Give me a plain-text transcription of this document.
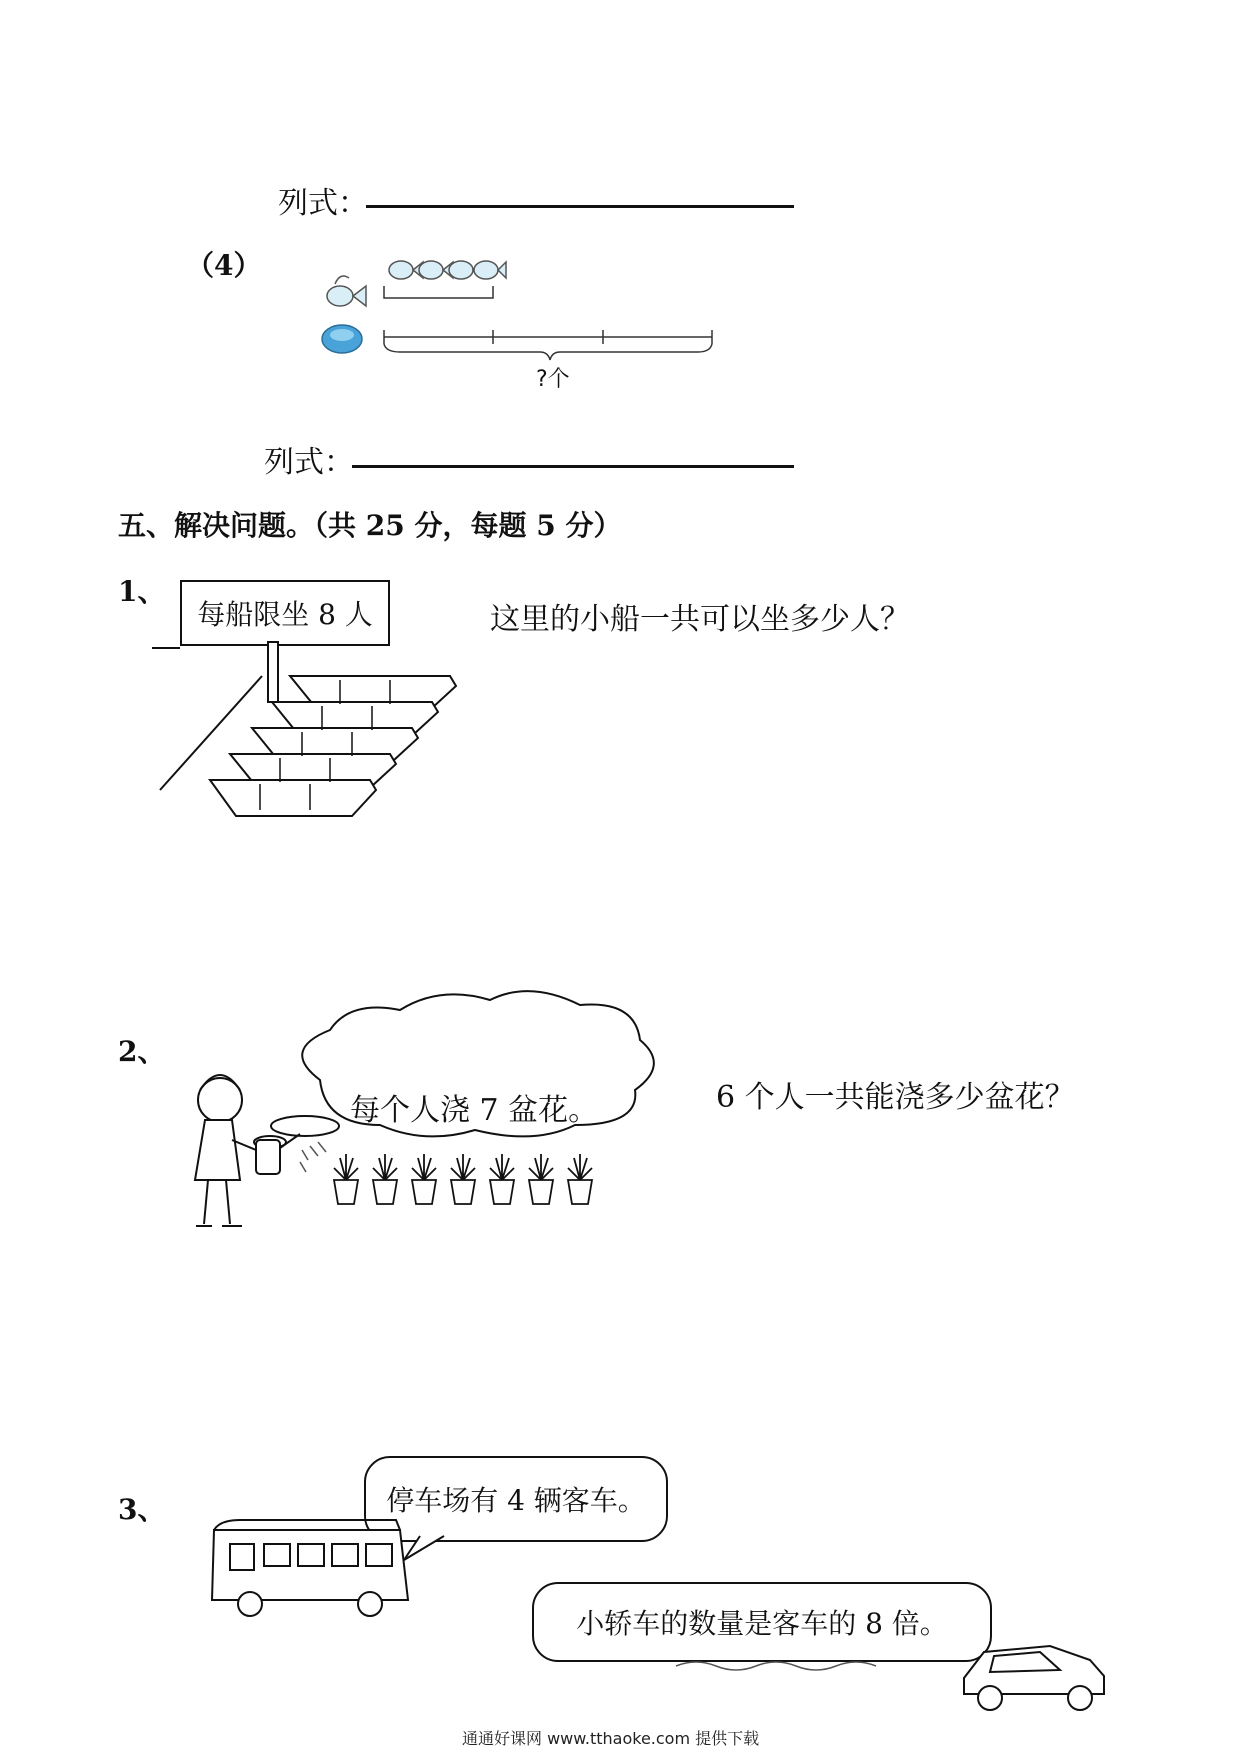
列式：
（4）
?个
列式：
五、解决问题。（共 25 分，每题 5 分）
1、
每船限坐 8 人	这里的小船一共可以坐多少人？
2、
每个人浇 7 盆花。	6 个人一共能浇多少盆花？
3、	停车场有 4 辆客车。
小轿车的数量是客车的 8 倍。
通通好课网 www.tthaoke.com 提供下载
